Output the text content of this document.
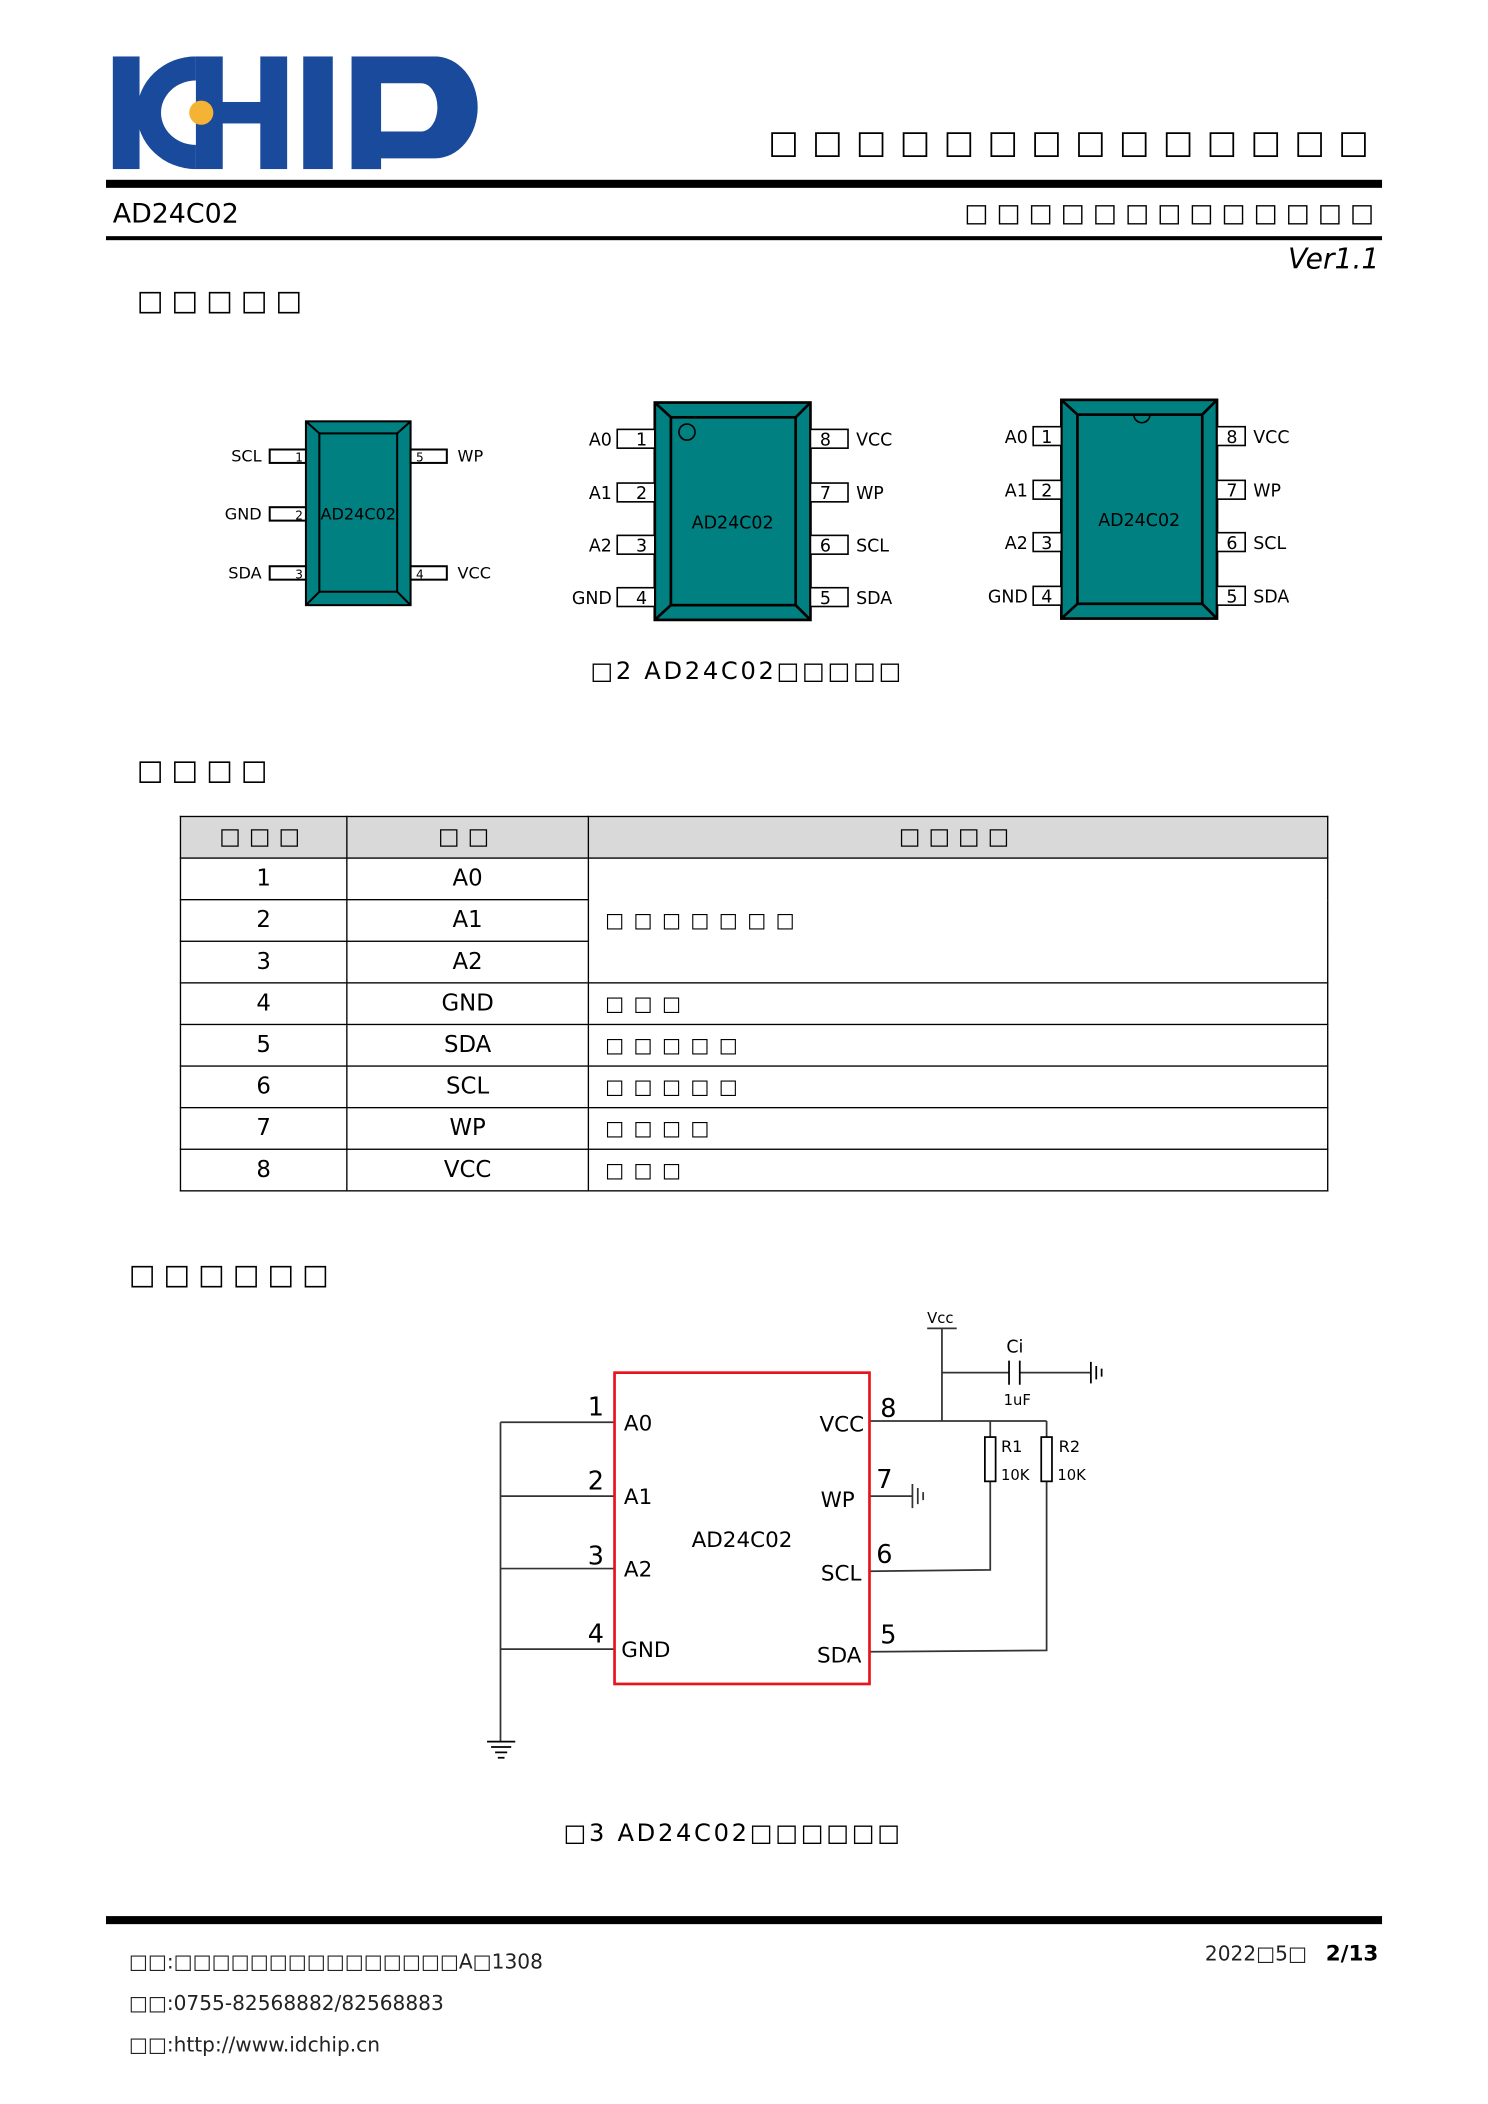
□□□□□□□□□□□□□□
AD24C02	□□□□□□□□□□□□□
Ver1.1
□□□□□
AD24C02
SCL
GND
SDA
1
2
3
5
4
WP
VCC
AD24C02
A0
A1
A2
GND
1
2
3
4
8
7
6
5
VCC
WP
SCL
SDA
AD24C02
A0
A1
A2
GND
1
2
3
4
8
7
6
5
VCC
WP
SCL
SDA
□2 AD24C02□□□□□
□□□□
□□□	□□	□□□□
1	A0	□□□□□□□
2	A1	
3	A2	
4	GND	□□□
5	SDA	□□□□□
6	SCL	□□□□□
7	WP	□□□□
8	VCC	□□□
□□□□□□
AD24C02
A0
A1
A2
GND
VCC
WP
SCL
SDA
1
2
3
4
8
7
6
5
Vcc
Ci
1uF
R1
10K
R2
10K
□3 AD24C02□□□□□□
□□:□□□□□□□□□□□□□□□A□1308
□□:0755-82568882/82568883
□□:http://www.idchip.cn
2022□5□ 2/13
